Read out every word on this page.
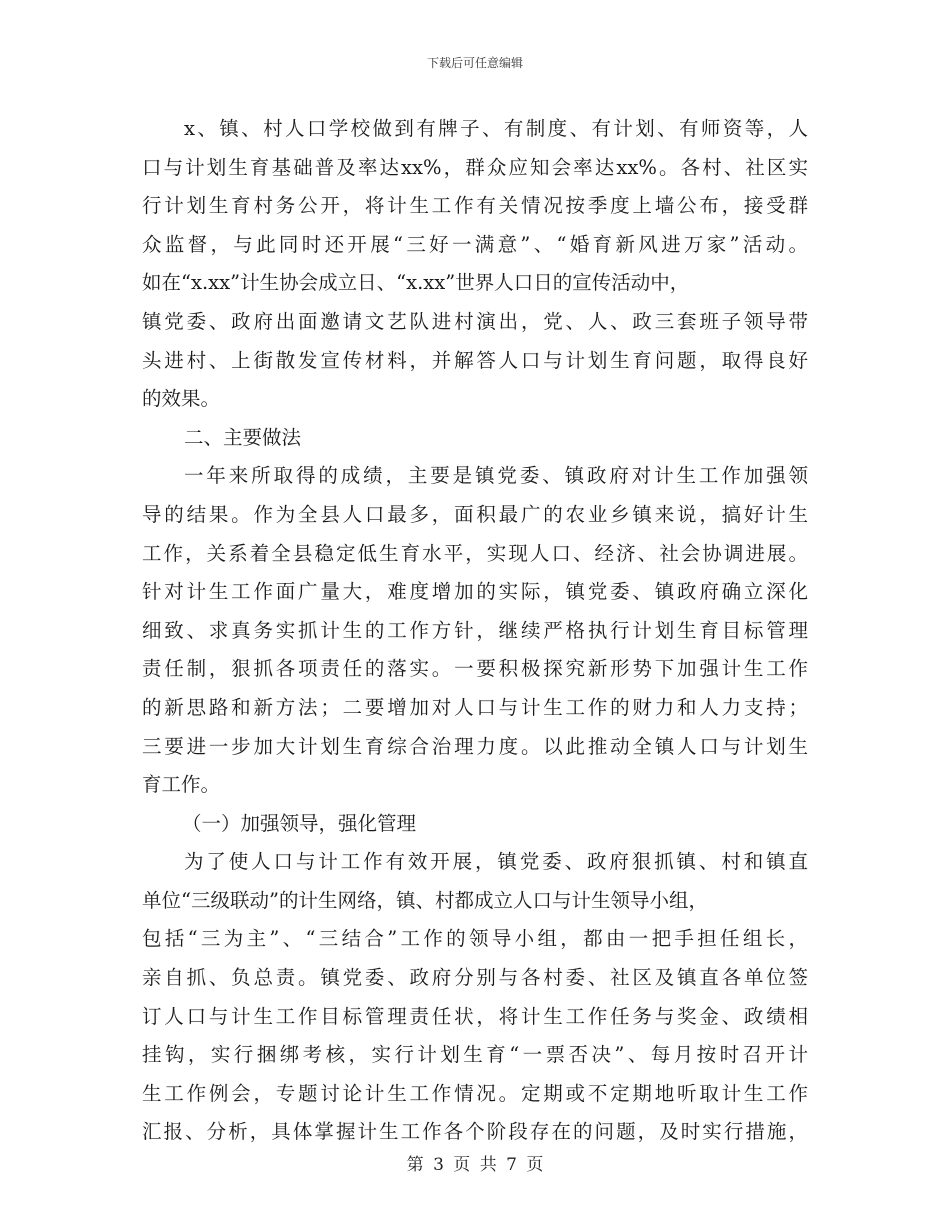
下载后可任意编辑
x、镇、村人口学校做到有牌子、有制度、有计划、有师资等，人
口与计划生育基础普及率达xx%，群众应知会率达xx%。各村、社区实
行计划生育村务公开，将计生工作有关情况按季度上墙公布，接受群
众监督，与此同时还开展“三好一满意”、“婚育新风进万家”活动。
如在“x.xx”计生协会成立日、“x.xx”世界人口日的宣传活动中，
镇党委、政府出面邀请文艺队进村演出，党、人、政三套班子领导带
头进村、上街散发宣传材料，并解答人口与计划生育问题，取得良好
的效果。
二、主要做法
一年来所取得的成绩，主要是镇党委、镇政府对计生工作加强领
导的结果。作为全县人口最多，面积最广的农业乡镇来说，搞好计生
工作，关系着全县稳定低生育水平，实现人口、经济、社会协调进展。
针对计生工作面广量大，难度增加的实际，镇党委、镇政府确立深化
细致、求真务实抓计生的工作方针，继续严格执行计划生育目标管理
责任制，狠抓各项责任的落实。一要积极探究新形势下加强计生工作
的新思路和新方法；二要增加对人口与计生工作的财力和人力支持；
三要进一步加大计划生育综合治理力度。以此推动全镇人口与计划生
育工作。
（一）加强领导，强化管理
为了使人口与计工作有效开展，镇党委、政府狠抓镇、村和镇直
单位“三级联动”的计生网络，镇、村都成立人口与计生领导小组，
包括“三为主”、“三结合”工作的领导小组，都由一把手担任组长，
亲自抓、负总责。镇党委、政府分别与各村委、社区及镇直各单位签
订人口与计生工作目标管理责任状，将计生工作任务与奖金、政绩相
挂钩，实行捆绑考核，实行计划生育“一票否决”、每月按时召开计
生工作例会，专题讨论计生工作情况。定期或不定期地听取计生工作
汇报、分析，具体掌握计生工作各个阶段存在的问题，及时实行措施，
第 3 页 共 7 页
